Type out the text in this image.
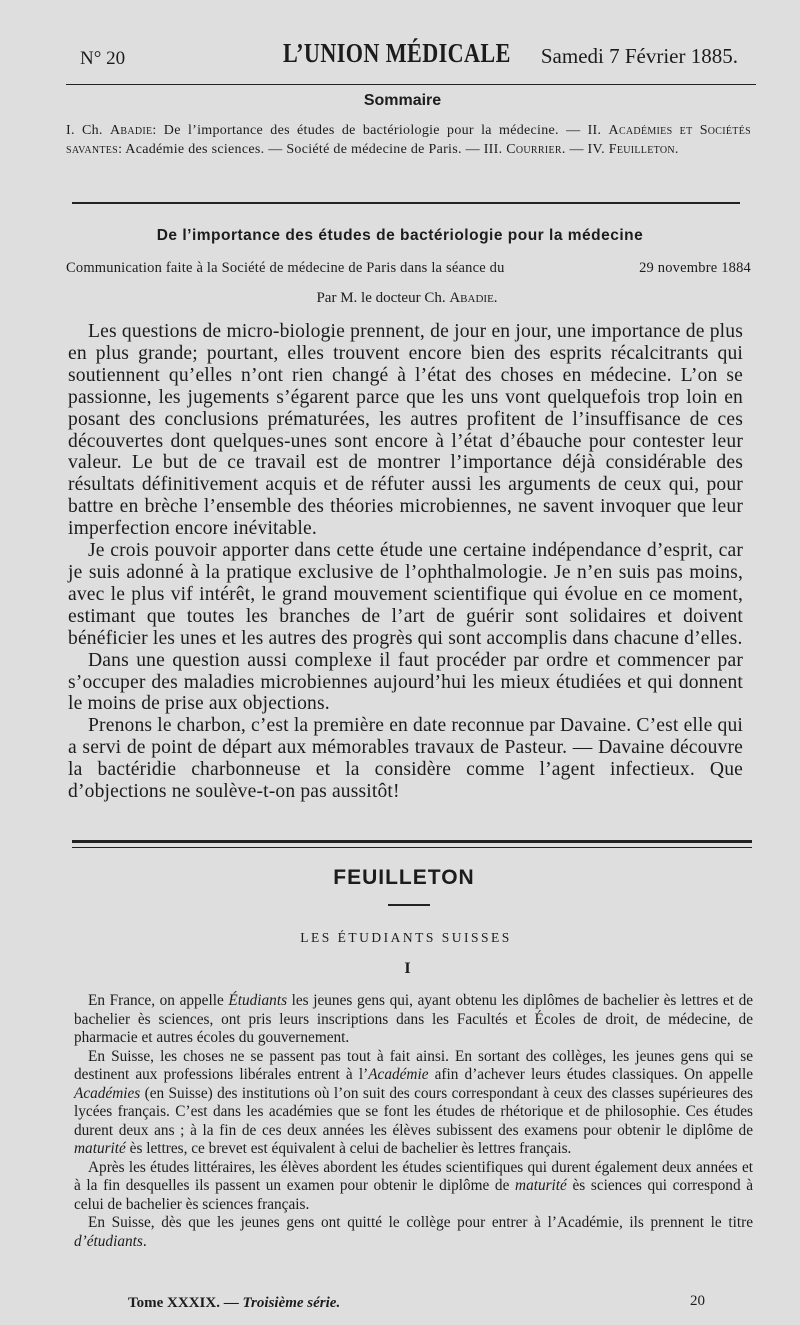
N° 20	L’UNION MÉDICALE Samedi 7 Février 1885.
Sommaire
I. Ch. Abadie: De l’importance des études de bactériologie pour la médecine. — II. Académies et Sociétés savantes: Académie des sciences. — Société de médecine de Paris. — III. Courrier. — IV. Feuilleton.
De l’importance des études de bactériologie pour la médecine
Communication faite à la Société de médecine de Paris dans la séance du	29 novembre 1884
Par M. le docteur Ch. Abadie.

Les questions de micro-biologie prennent, de jour en jour, une importance de plus en plus grande; pourtant, elles trouvent encore bien des esprits récalcitrants qui soutiennent qu’elles n’ont rien changé à l’état des choses en médecine. L’on se passionne, les jugements s’égarent parce que les uns vont quelquefois trop loin en posant des conclusions prématurées, les autres profitent de l’insuffisance de ces découvertes dont quelques-unes sont encore à l’état d’ébauche pour contester leur valeur. Le but de ce travail est de montrer l’importance déjà considérable des résultats définitivement acquis et de réfuter aussi les arguments de ceux qui, pour battre en brèche l’ensemble des théories microbiennes, ne savent invoquer que leur imperfection encore inévitable.

Je crois pouvoir apporter dans cette étude une certaine indépendance d’esprit, car je suis adonné à la pratique exclusive de l’ophthalmologie. Je n’en suis pas moins, avec le plus vif intérêt, le grand mouvement scientifique qui évolue en ce moment, estimant que toutes les branches de l’art de guérir sont solidaires et doivent bénéficier les unes et les autres des progrès qui sont accomplis dans chacune d’elles.

Dans une question aussi complexe il faut procéder par ordre et commencer par s’occuper des maladies microbiennes aujourd’hui les mieux étudiées et qui donnent le moins de prise aux objections.

Prenons le charbon, c’est la première en date reconnue par Davaine. C’est elle qui a servi de point de départ aux mémorables travaux de Pasteur. — Davaine découvre la bactéridie charbonneuse et la considère comme l’agent infectieux. Que d’objections ne soulève-t-on pas aussitôt!

FEUILLETON
LES ÉTUDIANTS SUISSES
I

En France, on appelle Étudiants les jeunes gens qui, ayant obtenu les diplômes de bachelier ès lettres et de bachelier ès sciences, ont pris leurs inscriptions dans les Facultés et Écoles de droit, de médecine, de pharmacie et autres écoles du gouvernement.

En Suisse, les choses ne se passent pas tout à fait ainsi. En sortant des collèges, les jeunes gens qui se destinent aux professions libérales entrent à l’Académie afin d’achever leurs études classiques. On appelle Académies (en Suisse) des institutions où l’on suit des cours correspondant à ceux des classes supérieures des lycées français. C’est dans les académies que se font les études de rhétorique et de philosophie. Ces études durent deux ans ; à la fin de ces deux années les élèves subissent des examens pour obtenir le diplôme de maturité ès lettres, ce brevet est équivalent à celui de bachelier ès lettres français.

Après les études littéraires, les élèves abordent les études scientifiques qui durent également deux années et à la fin desquelles ils passent un examen pour obtenir le diplôme de maturité ès sciences qui correspond à celui de bachelier ès sciences français.

En Suisse, dès que les jeunes gens ont quitté le collège pour entrer à l’Académie, ils prennent le titre d’étudiants.

Tome XXXIX. — Troisième série.	20
